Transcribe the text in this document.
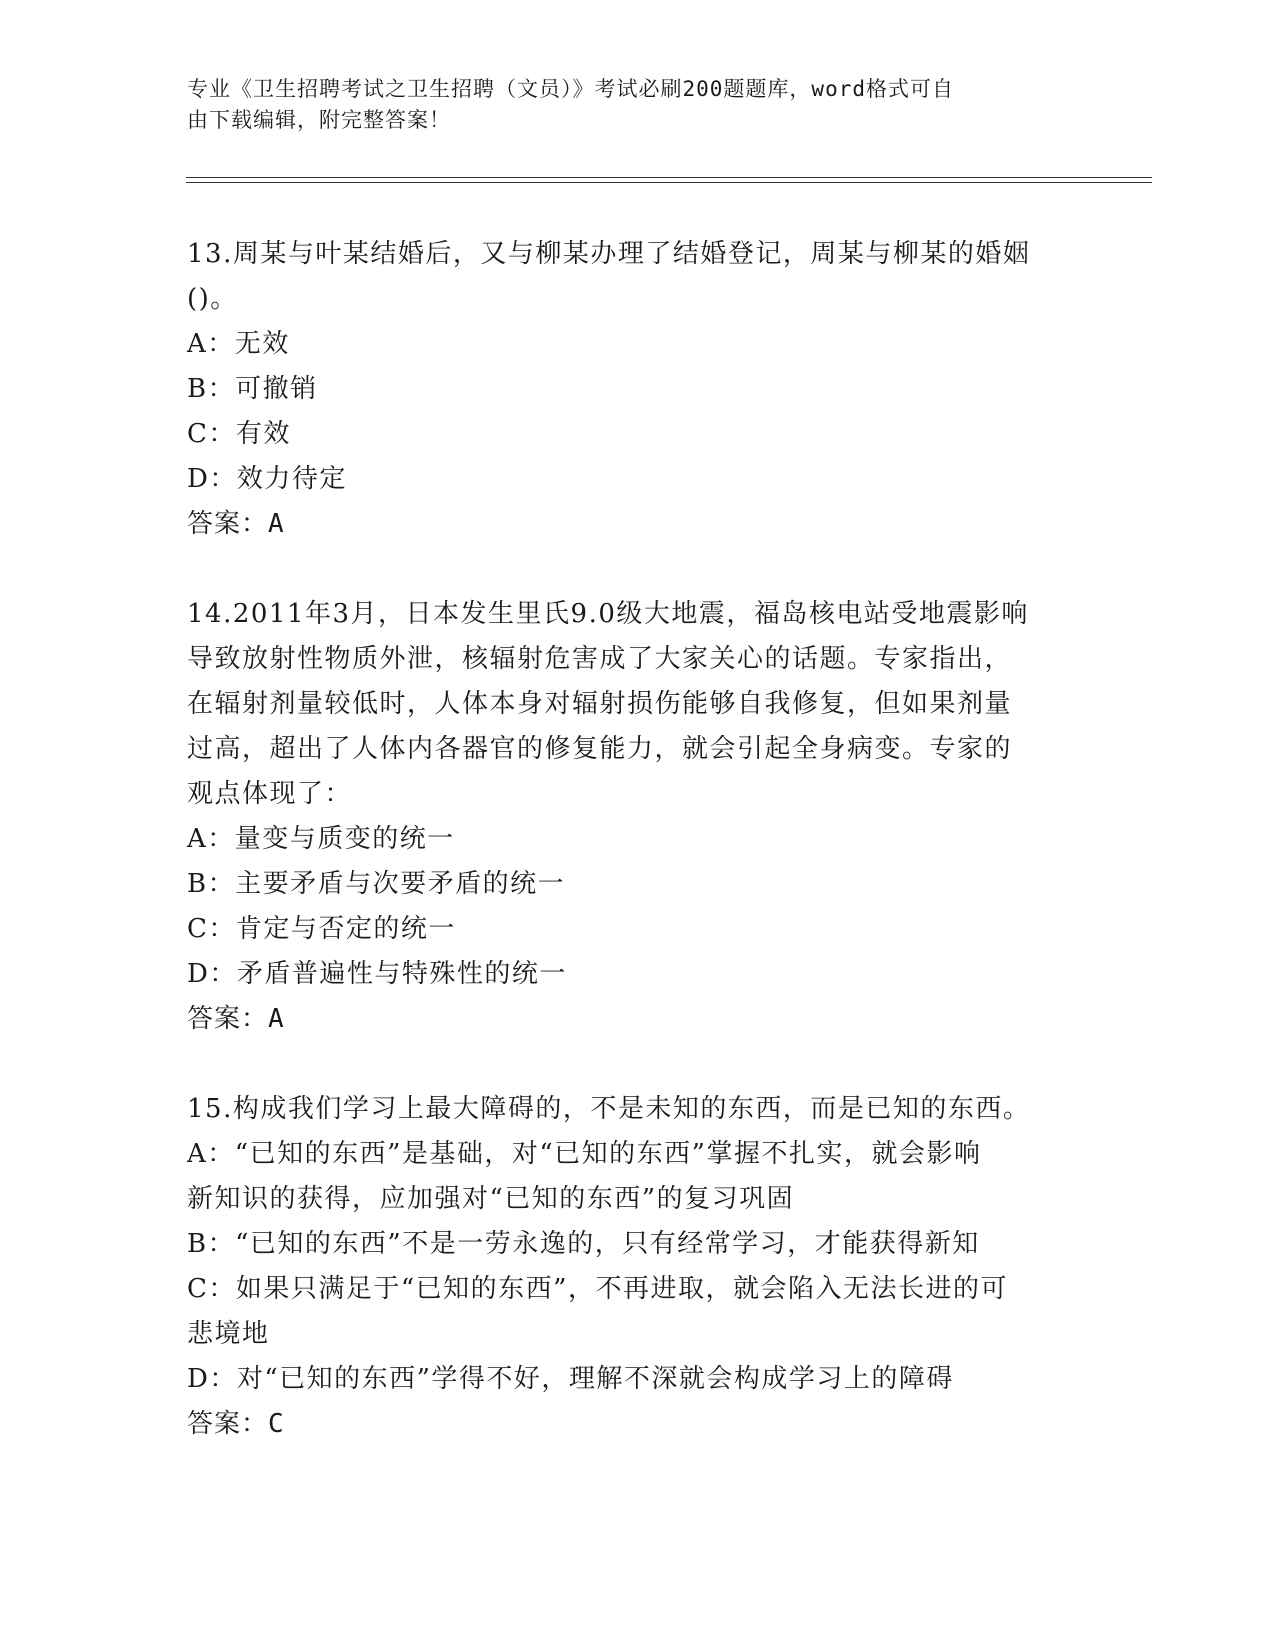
专业《卫生招聘考试之卫生招聘（文员）》考试必刷200题题库，word格式可自
由下载编辑，附完整答案！
13.周某与叶某结婚后，又与柳某办理了结婚登记，周某与柳某的婚姻
()。
A：无效
B：可撤销
C：有效
D：效力待定
答案：A
14.2011年3月，日本发生里氏9.0级大地震，福岛核电站受地震影响
导致放射性物质外泄，核辐射危害成了大家关心的话题。专家指出，
在辐射剂量较低时，人体本身对辐射损伤能够自我修复，但如果剂量
过高，超出了人体内各器官的修复能力，就会引起全身病变。专家的
观点体现了：
A：量变与质变的统一
B：主要矛盾与次要矛盾的统一
C：肯定与否定的统一
D：矛盾普遍性与特殊性的统一
答案：A
15.构成我们学习上最大障碍的，不是未知的东西，而是已知的东西。
A：“已知的东西”是基础，对“已知的东西”掌握不扎实，就会影响
新知识的获得，应加强对“已知的东西”的复习巩固
B：“已知的东西”不是一劳永逸的，只有经常学习，才能获得新知
C：如果只满足于“已知的东西”，不再进取，就会陷入无法长进的可
悲境地
D：对“已知的东西”学得不好，理解不深就会构成学习上的障碍
答案：C
